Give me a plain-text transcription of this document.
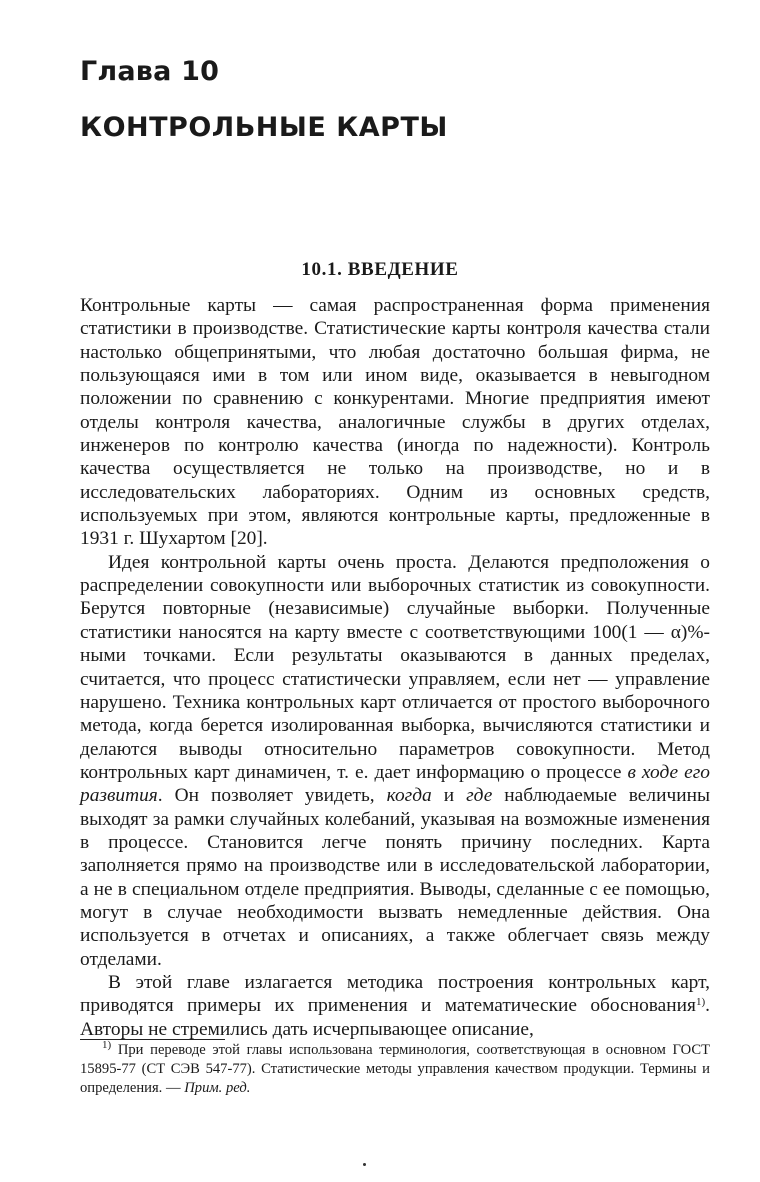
Глава 10
КОНТРОЛЬНЫЕ КАРТЫ
10.1. ВВЕДЕНИЕ

Контрольные карты — самая распространенная форма применения статистики в производстве. Статистические карты контроля качества стали настолько общепринятыми, что любая достаточно большая фирма, не пользующаяся ими в том или ином виде, оказывается в невыгодном положении по сравнению с конкурентами. Многие предприятия имеют отделы контроля качества, аналогичные службы в других отделах, инженеров по контролю качества (иногда по надежности). Контроль качества осуществляется не только на производстве, но и в исследовательских лабораториях. Одним из основных средств, используемых при этом, являются контрольные карты, предложенные в 1931 г. Шухартом [20].

Идея контрольной карты очень проста. Делаются предположения о распределении совокупности или выборочных статистик из совокупности. Берутся повторные (независимые) случайные выборки. Полученные статистики наносятся на карту вместе с соответствующими 100(1 — α)%-ными точками. Если результаты оказываются в данных пределах, считается, что процесс статистически управляем, если нет — управление нарушено. Техника контрольных карт отличается от простого выборочного метода, когда берется изолированная выборка, вычисляются статистики и делаются выводы относительно параметров совокупности. Метод контрольных карт динамичен, т. е. дает информацию о процессе в ходе его развития. Он позволяет увидеть, когда и где наблюдаемые величины выходят за рамки случайных колебаний, указывая на возможные изменения в процессе. Становится легче понять причину последних. Карта заполняется прямо на производстве или в исследовательской лаборатории, а не в специальном отделе предприятия. Выводы, сделанные с ее помощью, могут в случае необходимости вызвать немедленные действия. Она используется в отчетах и описаниях, а также облегчает связь между отделами.

В этой главе излагается методика построения контрольных карт, приводятся примеры их применения и математические обоснования$^{1)}$. Авторы не стремились дать исчерпывающее описание,

$^{1)}$ При переводе этой главы использована терминология, соответствующая в основном ГОСТ 15895-77 (СТ СЭВ 547-77). Статистические методы управления качеством продукции. Термины и определения. — Прим. ред.
